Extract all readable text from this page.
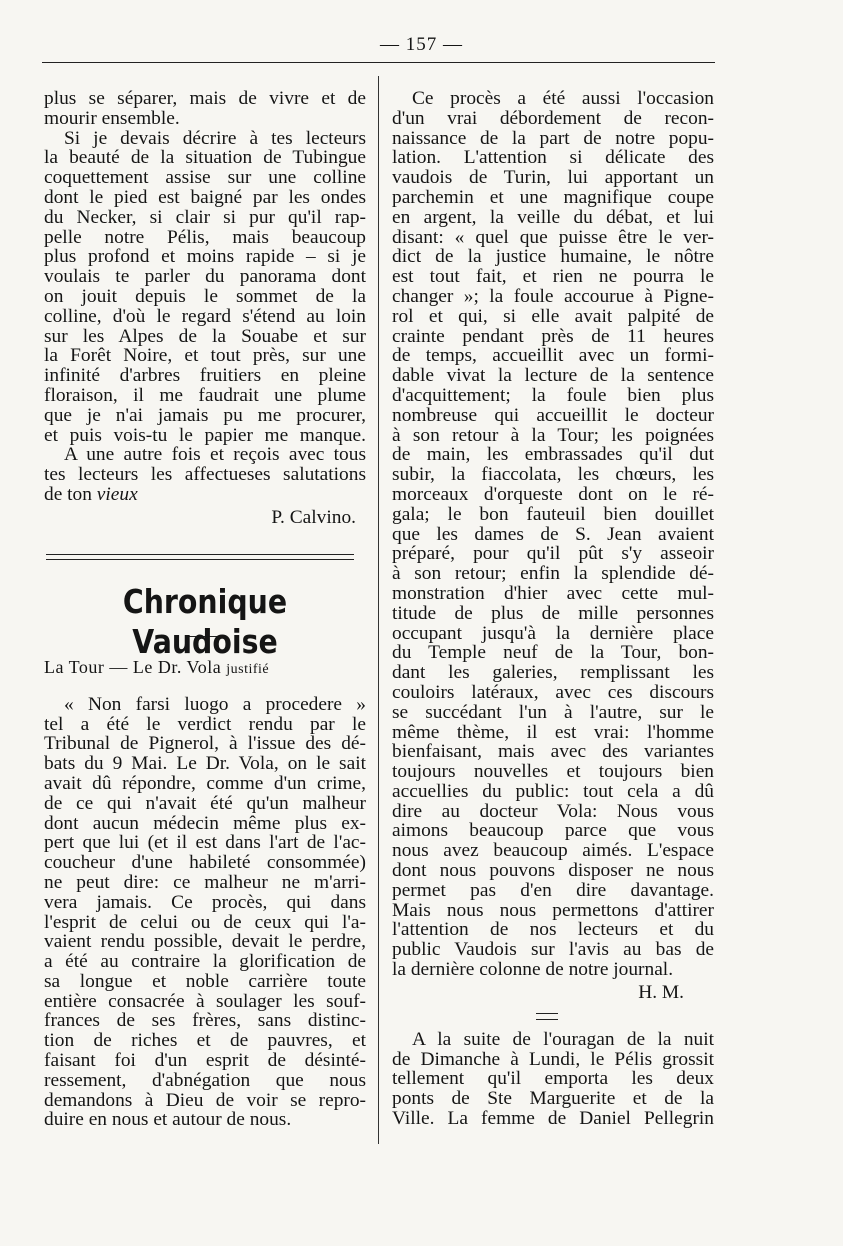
— 157 —
plus se séparer, mais de vivre et de
mourir ensemble.
Si je devais décrire à tes lecteurs
la beauté de la situation de Tubingue
coquettement assise sur une colline
dont le pied est baigné par les ondes
du Necker, si clair si pur qu'il rap-
pelle notre Pélis, mais beaucoup
plus profond et moins rapide – si je
voulais te parler du panorama dont
on jouit depuis le sommet de la
colline, d'où le regard s'étend au loin
sur les Alpes de la Souabe et sur
la Forêt Noire, et tout près, sur une
infinité d'arbres fruitiers en pleine
floraison, il me faudrait une plume
que je n'ai jamais pu me procurer,
et puis vois-tu le papier me manque.
A une autre fois et reçois avec tous
tes lecteurs les affectueses salutations
de ton vieux
P. Calvino.
Chronique Vaudoise
La Tour — Le Dr. Vola justifié
« Non farsi luogo a procedere »
tel a été le verdict rendu par le
Tribunal de Pignerol, à l'issue des dé-
bats du 9 Mai. Le Dr. Vola, on le sait
avait dû répondre, comme d'un crime,
de ce qui n'avait été qu'un malheur
dont aucun médecin même plus ex-
pert que lui (et il est dans l'art de l'ac-
coucheur d'une habileté consommée)
ne peut dire: ce malheur ne m'arri-
vera jamais. Ce procès, qui dans
l'esprit de celui ou de ceux qui l'a-
vaient rendu possible, devait le perdre,
a été au contraire la glorification de
sa longue et noble carrière toute
entière consacrée à soulager les souf-
frances de ses frères, sans distinc-
tion de riches et de pauvres, et
faisant foi d'un esprit de désinté-
ressement, d'abnégation que nous
demandons à Dieu de voir se repro-
duire en nous et autour de nous.
Ce procès a été aussi l'occasion
d'un vrai débordement de recon-
naissance de la part de notre popu-
lation. L'attention si délicate des
vaudois de Turin, lui apportant un
parchemin et une magnifique coupe
en argent, la veille du débat, et lui
disant: « quel que puisse être le ver-
dict de la justice humaine, le nôtre
est tout fait, et rien ne pourra le
changer »; la foule accourue à Pigne-
rol et qui, si elle avait palpité de
crainte pendant près de 11 heures
de temps, accueillit avec un formi-
dable vivat la lecture de la sentence
d'acquittement; la foule bien plus
nombreuse qui accueillit le docteur
à son retour à la Tour; les poignées
de main, les embrassades qu'il dut
subir, la fiaccolata, les chœurs, les
morceaux d'orqueste dont on le ré-
gala; le bon fauteuil bien douillet
que les dames de S. Jean avaient
préparé, pour qu'il pût s'y asseoir
à son retour; enfin la splendide dé-
monstration d'hier avec cette mul-
titude de plus de mille personnes
occupant jusqu'à la dernière place
du Temple neuf de la Tour, bon-
dant les galeries, remplissant les
couloirs latéraux, avec ces discours
se succédant l'un à l'autre, sur le
même thème, il est vrai: l'homme
bienfaisant, mais avec des variantes
toujours nouvelles et toujours bien
accuellies du public: tout cela a dû
dire au docteur Vola: Nous vous
aimons beaucoup parce que vous
nous avez beaucoup aimés. L'espace
dont nous pouvons disposer ne nous
permet pas d'en dire davantage.
Mais nous nous permettons d'attirer
l'attention de nos lecteurs et du
public Vaudois sur l'avis au bas de
la dernière colonne de notre journal.
H. M.
A la suite de l'ouragan de la nuit
de Dimanche à Lundi, le Pélis grossit
tellement qu'il emporta les deux
ponts de Ste Marguerite et de la
Ville. La femme de Daniel Pellegrin
